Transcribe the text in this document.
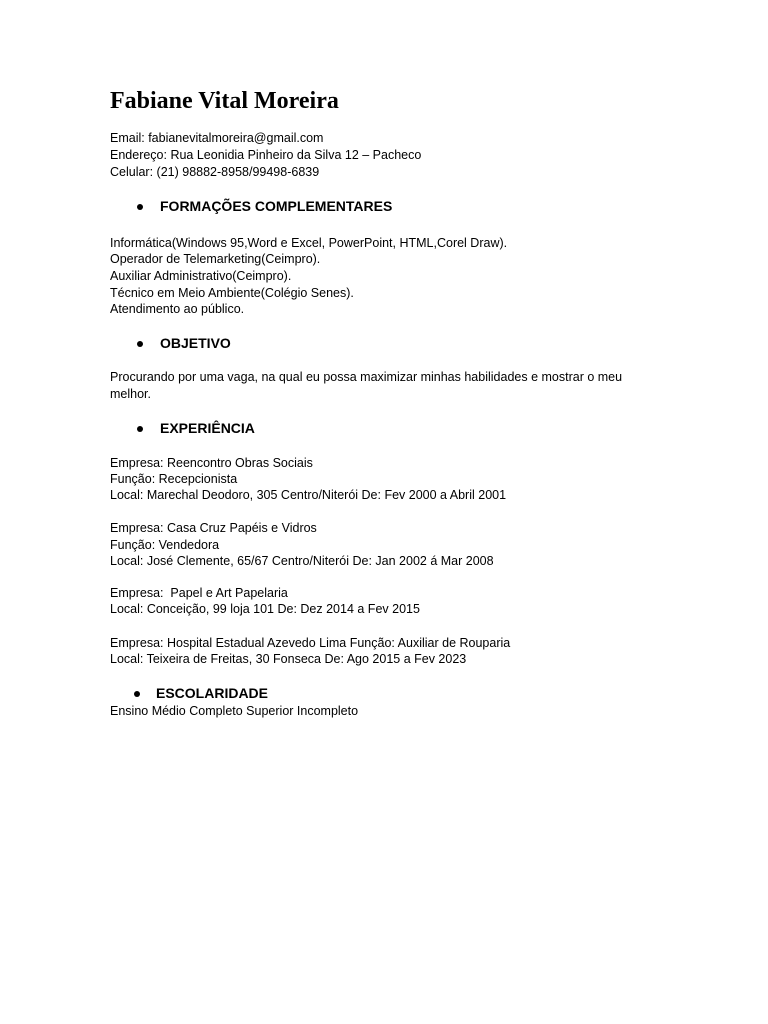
Fabiane Vital Moreira
Email: fabianevitalmoreira@gmail.com
Endereço: Rua Leonidia Pinheiro da Silva 12 – Pacheco
Celular: (21) 98882-8958/99498-6839
FORMAÇÕES COMPLEMENTARES
Informática(Windows 95,Word e Excel, PowerPoint, HTML,Corel Draw).
Operador de Telemarketing(Ceimpro).
Auxiliar Administrativo(Ceimpro).
Técnico em Meio Ambiente(Colégio Senes).
Atendimento ao público.
OBJETIVO
Procurando por uma vaga, na qual eu possa maximizar minhas habilidades e mostrar o meu
melhor.
EXPERIÊNCIA
Empresa: Reencontro Obras Sociais
Função: Recepcionista
Local: Marechal Deodoro, 305 Centro/Niterói De: Fev 2000 a Abril 2001
Empresa: Casa Cruz Papéis e Vidros
Função: Vendedora
Local: José Clemente, 65/67 Centro/Niterói De: Jan 2002 á Mar 2008
Empresa:  Papel e Art Papelaria
Local: Conceição, 99 loja 101 De: Dez 2014 a Fev 2015
Empresa: Hospital Estadual Azevedo Lima Função: Auxiliar de Rouparia
Local: Teixeira de Freitas, 30 Fonseca De: Ago 2015 a Fev 2023
ESCOLARIDADE
Ensino Médio Completo Superior Incompleto
